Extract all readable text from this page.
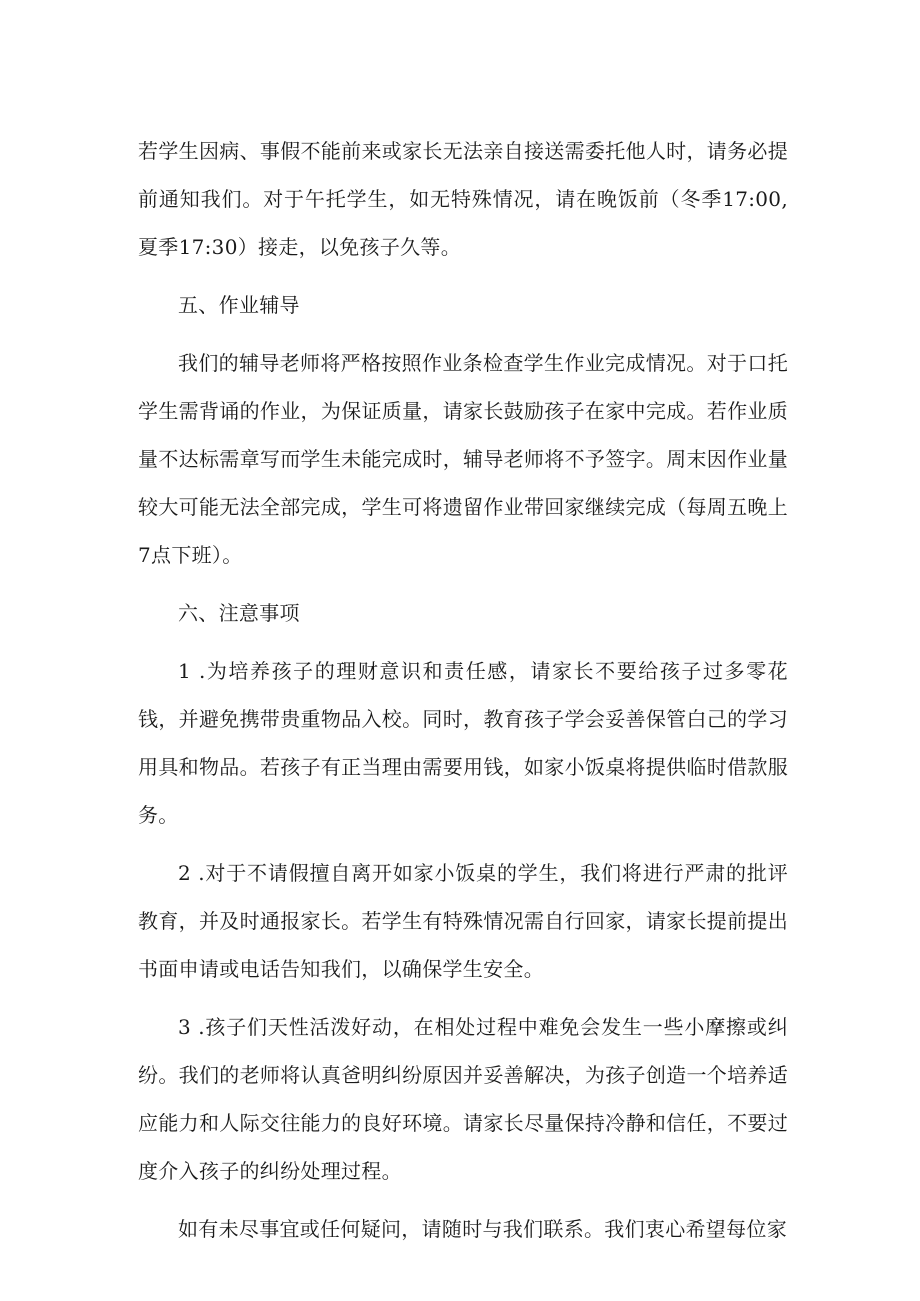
若学生因病、事假不能前来或家长无法亲自接送需委托他人时，请务必提前通知我们。对于午托学生，如无特殊情况，请在晚饭前（冬季17:00,夏季17:30）接走，以免孩子久等。

五、作业辅导

我们的辅导老师将严格按照作业条检查学生作业完成情况。对于口托学生需背诵的作业，为保证质量，请家长鼓励孩子在家中完成。若作业质量不达标需章写而学生未能完成时，辅导老师将不予签字。周末因作业量较大可能无法全部完成，学生可将遗留作业带回家继续完成（每周五晚上7点下班）。

六、注意事项

1 .为培养孩子的理财意识和责任感，请家长不要给孩子过多零花钱，并避免携带贵重物品入校。同时，教育孩子学会妥善保管白己的学习用具和物品。若孩子有正当理由需要用钱，如家小饭桌将提供临时借款服务。

2 .对于不请假擅自离开如家小饭桌的学生，我们将进行严肃的批评教育，并及时通报家长。若学生有特殊情况需自行回家，请家长提前提出书面申请或电话告知我们，以确保学生安全。

3 .孩子们天性活泼好动，在相处过程中难免会发生一些小摩擦或纠纷。我们的老师将认真爸明纠纷原因并妥善解决，为孩子创造一个培养适应能力和人际交往能力的良好环境。请家长尽量保持冷静和信任，不要过度介入孩子的纠纷处理过程。

如有未尽事宜或任何疑问，请随时与我们联系。我们衷心希望每位家
